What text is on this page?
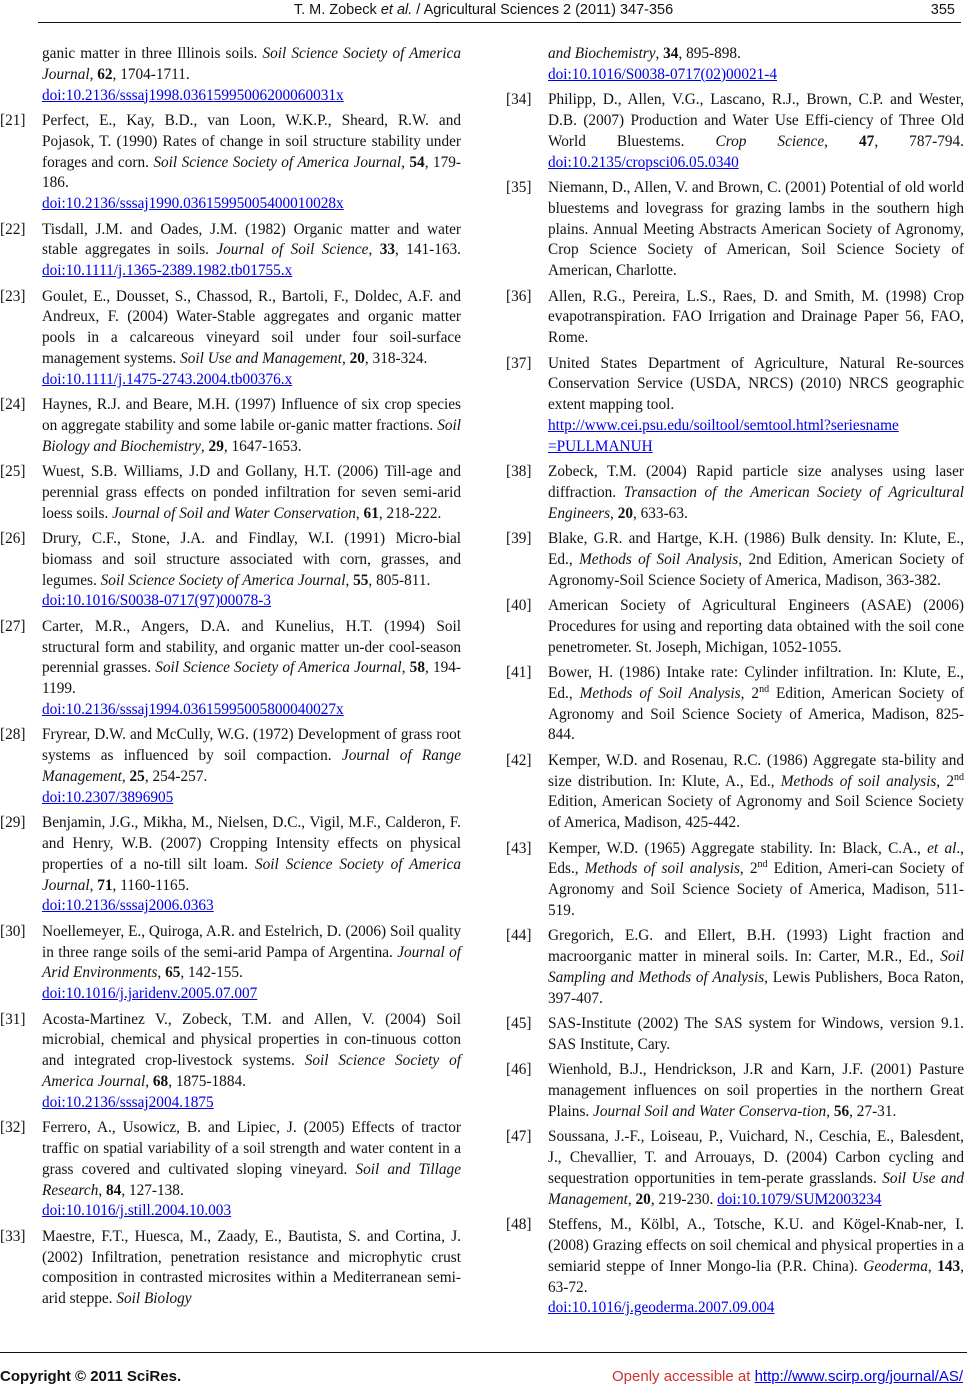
T. M. Zobeck et al. / Agricultural Sciences 2 (2011) 347-356	355
ganic matter in three Illinois soils. Soil Science Society of America Journal, 62, 1704-1711.
doi:10.2136/sssaj1998.03615995006200060031x
[21] Perfect, E., Kay, B.D., van Loon, W.K.P., Sheard, R.W. and Pojasok, T. (1990) Rates of change in soil structure stability under forages and corn. Soil Science Society of America Journal, 54, 179-186.
doi:10.2136/sssaj1990.03615995005400010028x
[22] Tisdall, J.M. and Oades, J.M. (1982) Organic matter and water stable aggregates in soils. Journal of Soil Science, 33, 141-163. doi:10.1111/j.1365-2389.1982.tb01755.x
[23] Goulet, E., Dousset, S., Chassod, R., Bartoli, F., Doldec, A.F. and Andreux, F. (2004) Water-Stable aggregates and organic matter pools in a calcareous vineyard soil under four soil-surface management systems. Soil Use and Management, 20, 318-324.
doi:10.1111/j.1475-2743.2004.tb00376.x
[24] Haynes, R.J. and Beare, M.H. (1997) Influence of six crop species on aggregate stability and some labile or-ganic matter fractions. Soil Biology and Biochemistry, 29, 1647-1653.
[25] Wuest, S.B. Williams, J.D and Gollany, H.T. (2006) Till-age and perennial grass effects on ponded infiltration for seven semi-arid loess soils. Journal of Soil and Water Conservation, 61, 218-222.
[26] Drury, C.F., Stone, J.A. and Findlay, W.I. (1991) Micro-bial biomass and soil structure associated with corn, grasses, and legumes. Soil Science Society of America Journal, 55, 805-811.
doi:10.1016/S0038-0717(97)00078-3
[27] Carter, M.R., Angers, D.A. and Kunelius, H.T. (1994) Soil structural form and stability, and organic matter un-der cool-season perennial grasses. Soil Science Society of America Journal, 58, 194-1199.
doi:10.2136/sssaj1994.03615995005800040027x
[28] Fryrear, D.W. and McCully, W.G. (1972) Development of grass root systems as influenced by soil compaction. Journal of Range Management, 25, 254-257.
doi:10.2307/3896905
[29] Benjamin, J.G., Mikha, M., Nielsen, D.C., Vigil, M.F., Calderon, F. and Henry, W.B. (2007) Cropping Intensity effects on physical properties of a no-till silt loam. Soil Science Society of America Journal, 71, 1160-1165.
doi:10.2136/sssaj2006.0363
[30] Noellemeyer, E., Quiroga, A.R. and Estelrich, D. (2006) Soil quality in three range soils of the semi-arid Pampa of Argentina. Journal of Arid Environments, 65, 142-155.
doi:10.1016/j.jaridenv.2005.07.007
[31] Acosta-Martinez V., Zobeck, T.M. and Allen, V. (2004) Soil microbial, chemical and physical properties in con-tinuous cotton and integrated crop-livestock systems. Soil Science Society of America Journal, 68, 1875-1884.
doi:10.2136/sssaj2004.1875
[32] Ferrero, A., Usowicz, B. and Lipiec, J. (2005) Effects of tractor traffic on spatial variability of a soil strength and water content in a grass covered and cultivated sloping vineyard. Soil and Tillage Research, 84, 127-138.
doi:10.1016/j.still.2004.10.003
[33] Maestre, F.T., Huesca, M., Zaady, E., Bautista, S. and Cortina, J. (2002) Infiltration, penetration resistance and microphytic crust composition in contrasted microsites within a Mediterranean semi-arid steppe. Soil Biology
and Biochemistry, 34, 895-898.
doi:10.1016/S0038-0717(02)00021-4
[34] Philipp, D., Allen, V.G., Lascano, R.J., Brown, C.P. and Wester, D.B. (2007) Production and Water Use Effi-ciency of Three Old World Bluestems. Crop Science, 47, 787-794. doi:10.2135/cropsci06.05.0340
[35] Niemann, D., Allen, V. and Brown, C. (2001) Potential of old world bluestems and lovegrass for grazing lambs in the southern high plains. Annual Meeting Abstracts American Society of Agronomy, Crop Science Society of American, Soil Science Society of American, Charlotte.
[36] Allen, R.G., Pereira, L.S., Raes, D. and Smith, M. (1998) Crop evapotranspiration. FAO Irrigation and Drainage Paper 56, FAO, Rome.
[37] United States Department of Agriculture, Natural Re-sources Conservation Service (USDA, NRCS) (2010) NRCS geographic extent mapping tool.
http://www.cei.psu.edu/soiltool/semtool.html?seriesname =PULLMANUH
[38] Zobeck, T.M. (2004) Rapid particle size analyses using laser diffraction. Transaction of the American Society of Agricultural Engineers, 20, 633-63.
[39] Blake, G.R. and Hartge, K.H. (1986) Bulk density. In: Klute, E., Ed., Methods of Soil Analysis, 2nd Edition, American Society of Agronomy-Soil Science Society of America, Madison, 363-382.
[40] American Society of Agricultural Engineers (ASAE) (2006) Procedures for using and reporting data obtained with the soil cone penetrometer. St. Joseph, Michigan, 1052-1055.
[41] Bower, H. (1986) Intake rate: Cylinder infiltration. In: Klute, E., Ed., Methods of Soil Analysis, 2nd Edition, American Society of Agronomy and Soil Science Society of America, Madison, 825-844.
[42] Kemper, W.D. and Rosenau, R.C. (1986) Aggregate sta-bility and size distribution. In: Klute, A., Ed., Methods of soil analysis, 2nd Edition, American Society of Agronomy and Soil Science Society of America, Madison, 425-442.
[43] Kemper, W.D. (1965) Aggregate stability. In: Black, C.A., et al., Eds., Methods of soil analysis, 2nd Edition, Ameri-can Society of Agronomy and Soil Science Society of America, Madison, 511-519.
[44] Gregorich, E.G. and Ellert, B.H. (1993) Light fraction and macroorganic matter in mineral soils. In: Carter, M.R., Ed., Soil Sampling and Methods of Analysis, Lewis Publishers, Boca Raton, 397-407.
[45] SAS-Institute (2002) The SAS system for Windows, version 9.1. SAS Institute, Cary.
[46] Wienhold, B.J., Hendrickson, J.R and Karn, J.F. (2001) Pasture management influences on soil properties in the northern Great Plains. Journal Soil and Water Conserva-tion, 56, 27-31.
[47] Soussana, J.-F., Loiseau, P., Vuichard, N., Ceschia, E., Balesdent, J., Chevallier, T. and Arrouays, D. (2004) Carbon cycling and sequestration opportunities in tem-perate grasslands. Soil Use and Management, 20, 219-230. doi:10.1079/SUM2003234
[48] Steffens, M., Kölbl, A., Totsche, K.U. and Kögel-Knab-ner, I. (2008) Grazing effects on soil chemical and physical properties in a semiarid steppe of Inner Mongo-lia (P.R. China). Geoderma, 143, 63-72.
doi:10.1016/j.geoderma.2007.09.004
Copyright © 2011 SciRes.	Openly accessible at http://www.scirp.org/journal/AS/
